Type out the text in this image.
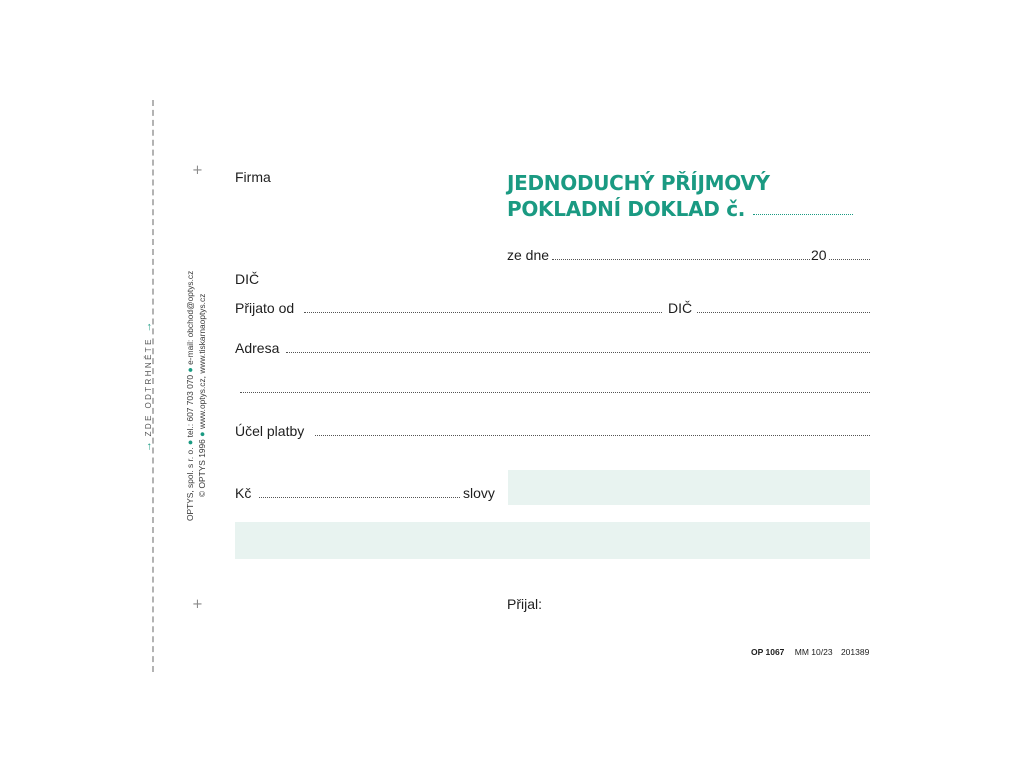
→ ZDE ODTRHNĚTE →
OPTYS, spol. s r. o. ● tel.: 607 703 070 ● e-mail: obchod@optys.cz
© OPTYS 1996 ● www.optys.cz, www.tiskarnaoptys.cz
+
+
Firma	JEDNODUCHÝ PŘÍJMOVÝ
POKLADNÍ DOKLAD č.
ze dne	20
DIČ
Přijato od	DIČ
Adresa
Účel platby
Kč	slovy
Přijal:
OP 1067 MM 10/23 201389
